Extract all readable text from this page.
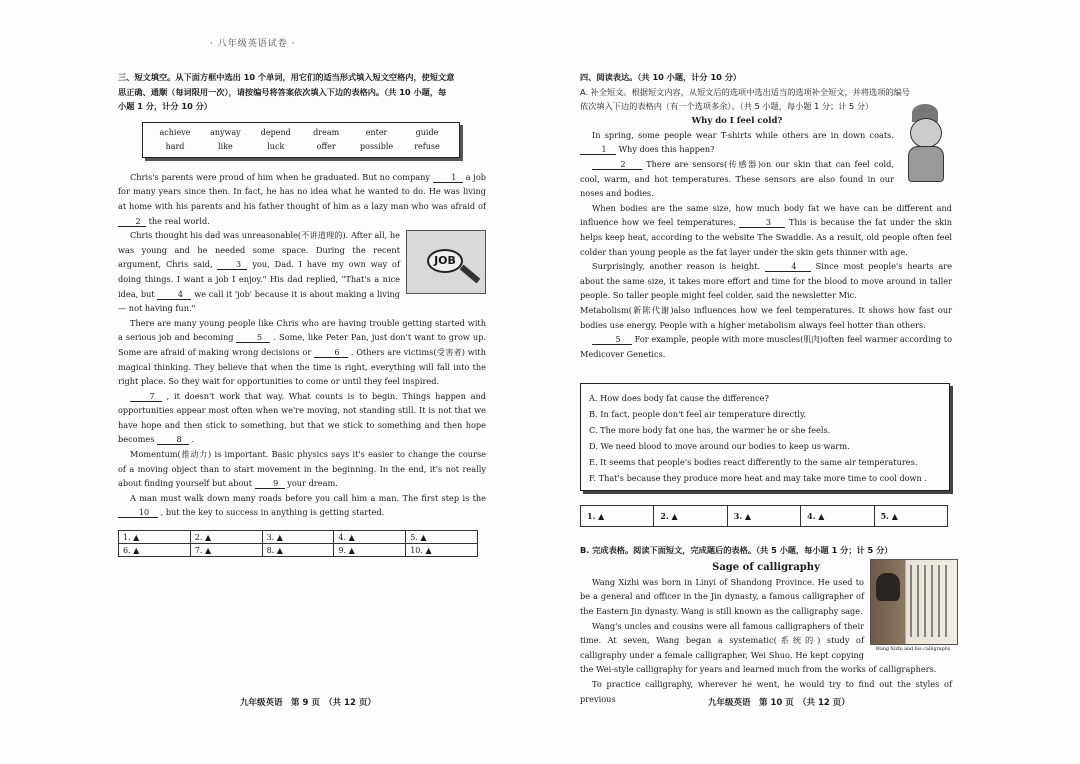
· 八年级英语试卷 ·

三、短文填空。从下面方框中选出 10 个单词，用它们的适当形式填入短文空格内，使短文意

思正确、通顺（每词限用一次），请按编号将答案依次填入下边的表格内。（共 10 小题，每

小题 1 分，计分 10 分）

achieve	anyway	depend	dream	enter	guide
hard	like	luck	offer	possible	refuse

Chris's parents were proud of him when he graduated. But no company	1 a job for many years since then. In fact, he has no idea what he wanted to do. He was living at home with his parents and his father thought of him as a lazy man who was afraid of 2 the real world.

JOB

Chris thought his dad was unreasonable(不讲道理的). After all, he was young and he needed some space. During the recent argument, Chris said,	3 you, Dad. I have my own way of doing things. I want a job I enjoy." His dad replied, "That's a nice idea, but	4 we call it 'job' because it is about making a living— not having fun."

There are many young people like Chris who are having trouble getting started with a serious job and becoming	5 . Some, like Peter Pan, just don't want to grow up. Some are afraid of making wrong decisions or	6 . Others are victims(受害者) with magical thinking. They believe that when the time is right, everything will fall into the right place. So they wait for opportunities to come or until they feel inspired.

7 , it doesn't work that way. What counts is to begin. Things happen and opportunities appear most often when we're moving, not standing still. It is not that we have hope and then stick to something, but that we stick to something and then hope becomes	8 .

Momentum(推动力) is important. Basic physics says it's easier to change the course of a moving object than to start movement in the beginning. In the end, it's not really about finding yourself but about	9 your dream.

A man must walk down many roads before you call him a man. The first step is the 10 , but the key to success in anything is getting started.

1. ▲	2. ▲	3. ▲	4. ▲	5. ▲
6. ▲	7. ▲	8. ▲	9. ▲	10. ▲
九年级英语　第 9 页　（共 12 页）

四、阅读表达。（共 10 小题，计分 10 分）

A. 补全短文。根据短文内容，从短文后的选项中选出适当的选项补全短文，并将选项的编号

依次填入下边的表格内（有一个选项多余）。（共 5 小题，每小题 1 分；计 5 分）

Why do I feel cold?

In spring, some people wear T-shirts while others are in down coats. 1 Why does this happen?

2	There are sensors(传感器)on our skin that can feel cold, cool, warm, and hot temperatures. These sensors are also found in our noses and bodies.

When bodies are the same size, how much body fat we have can be different and influence how we feel temperatures.	3 This is because the fat under the skin helps keep heat, according to the website The Swaddle. As a result, old people often feel colder than young people as the fat layer under the skin gets thinner with age.

Surprisingly, another reason is height.	4 Since most people's hearts are about the same size, it takes more effort and time for the blood to move around in taller people. So taller people might feel colder, said the newsletter Mic.

Metabolism(新陈代谢)also influences how we feel temperatures. It shows how fast our bodies use energy. People with a higher metabolism always feel hotter than others.

5 For example, people with more muscles(肌肉)often feel warmer according to Medicover Genetics.

A. How does body fat cause the difference?

B. In fact, people don't feel air temperature directly.

C. The more body fat one has, the warmer he or she feels.

D. We need blood to move around our bodies to keep us warm.

E. It seems that people's bodies react differently to the same air temperatures.

F. That's because they produce more heat and may take more time to cool down .

1. ▲	2. ▲	3. ▲	4. ▲	5. ▲

B. 完成表格。阅读下面短文，完成题后的表格。（共 5 小题，每小题 1 分；计 5 分）

Sage of calligraphy
Wang Xizhi and his calligraphy

Wang Xizhi was born in Linyi of Shandong Province. He used to be a general and officer in the Jin dynasty, a famous calligrapher of the Eastern Jin dynasty. Wang is still known as the calligraphy sage.

Wang's uncles and cousins were all famous calligraphers of their time. At seven, Wang began a systematic(系统的) study of calligraphy under a female calligrapher, Wei Shuo. He kept copying the Wei-style calligraphy for years and learned much from the works of calligraphers.

To practice calligraphy, wherever he went, he would try to find out the styles of previous	九年级英语　第 10 页　（共 12 页）
